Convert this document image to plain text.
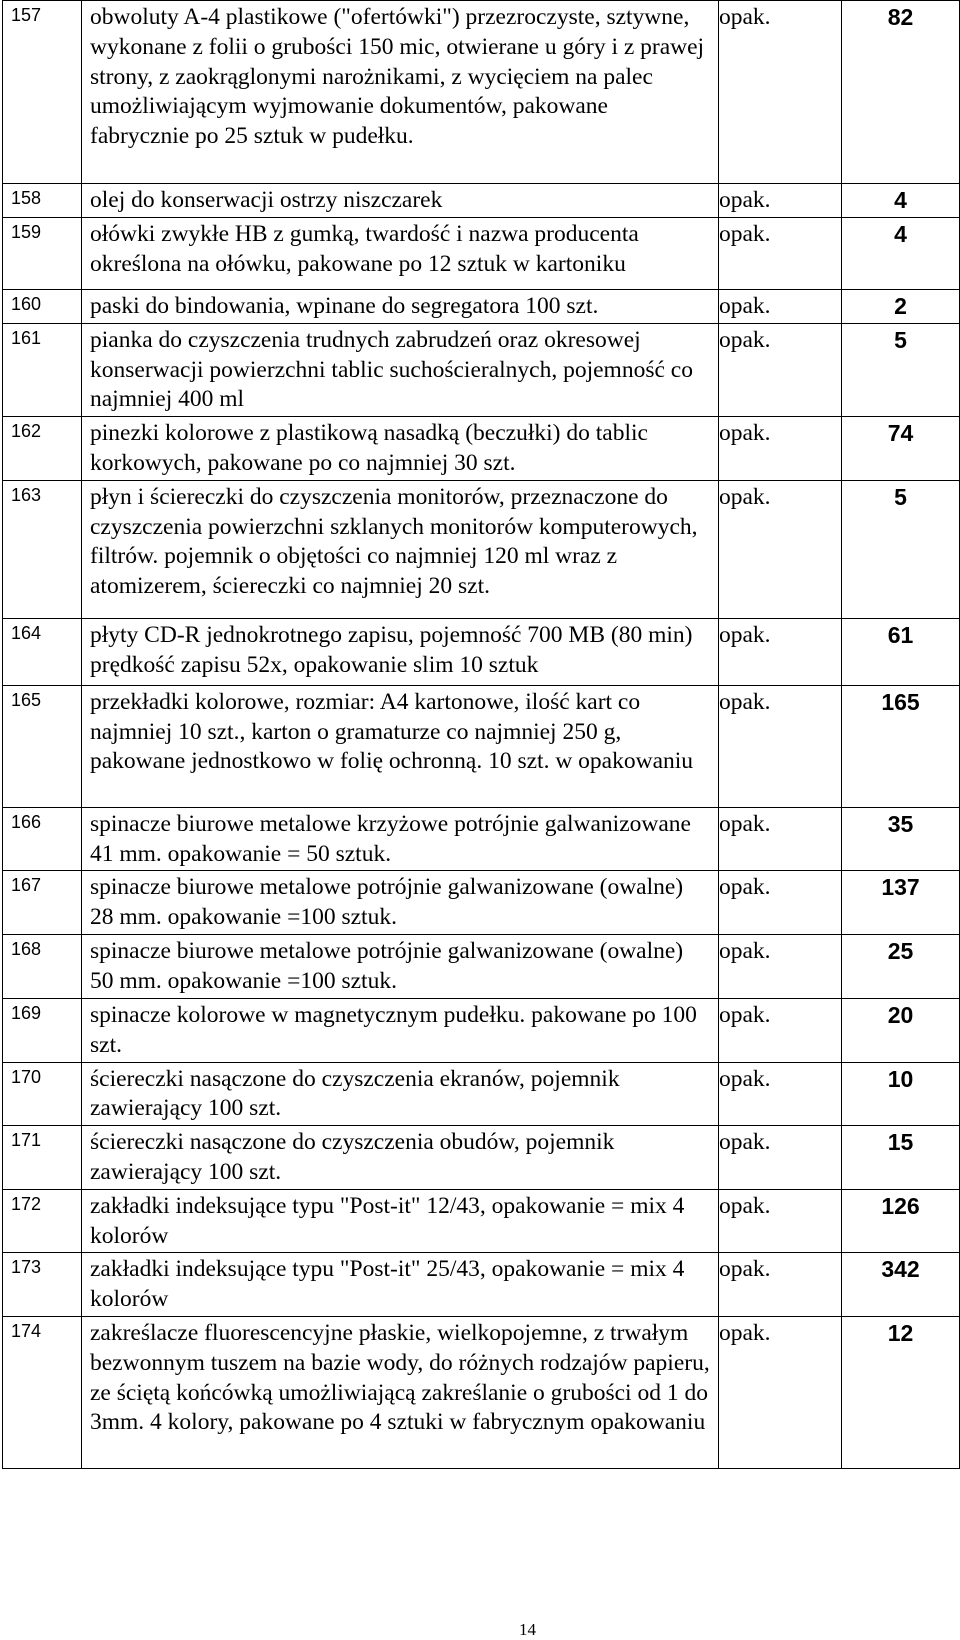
157	obwoluty A-4 plastikowe ("ofertówki") przezroczyste, sztywne, wykonane z folii o grubości 150 mic, otwierane u góry i z prawej strony, z zaokrąglonymi narożnikami, z wycięciem na palec umożliwiającym wyjmowanie dokumentów, pakowane fabrycznie po 25 sztuk w pudełku.	opak.	82
158	olej do konserwacji ostrzy niszczarek	opak.	4
159	ołówki zwykłe HB z gumką, twardość i nazwa producenta określona na ołówku, pakowane po 12 sztuk w kartoniku	opak.	4
160	paski do bindowania, wpinane do segregatora 100 szt.	opak.	2
161	pianka do czyszczenia trudnych zabrudzeń oraz okresowej konserwacji powierzchni tablic suchościeralnych, pojemność co najmniej 400 ml	opak.	5
162	pinezki kolorowe z plastikową nasadką (beczułki) do tablic korkowych, pakowane po co najmniej 30 szt.	opak.	74
163	płyn i ściereczki do czyszczenia monitorów, przeznaczone do czyszczenia powierzchni szklanych monitorów komputerowych, filtrów. pojemnik o objętości co najmniej 120 ml wraz z atomizerem, ściereczki co najmniej 20 szt.	opak.	5
164	płyty CD-R jednokrotnego zapisu, pojemność 700 MB (80 min) prędkość zapisu 52x, opakowanie slim 10 sztuk	opak.	61
165	przekładki kolorowe, rozmiar: A4 kartonowe, ilość kart co najmniej 10 szt., karton o gramaturze co najmniej 250 g, pakowane jednostkowo w folię ochronną. 10 szt. w opakowaniu	opak.	165
166	spinacze biurowe metalowe krzyżowe potrójnie galwanizowane 41 mm. opakowanie = 50 sztuk.	opak.	35
167	spinacze biurowe metalowe potrójnie galwanizowane (owalne) 28 mm. opakowanie =100 sztuk.	opak.	137
168	spinacze biurowe metalowe potrójnie galwanizowane (owalne) 50 mm. opakowanie =100 sztuk.	opak.	25
169	spinacze kolorowe w magnetycznym pudełku. pakowane po 100 szt.	opak.	20
170	ściereczki nasączone do czyszczenia ekranów, pojemnik zawierający 100 szt.	opak.	10
171	ściereczki nasączone do czyszczenia obudów, pojemnik zawierający 100 szt.	opak.	15
172	zakładki indeksujące typu "Post-it" 12/43, opakowanie = mix 4 kolorów	opak.	126
173	zakładki indeksujące typu "Post-it" 25/43, opakowanie = mix 4 kolorów	opak.	342
174	zakreślacze fluorescencyjne płaskie, wielkopojemne, z trwałym bezwonnym tuszem na bazie wody, do różnych rodzajów papieru, ze ściętą końcówką umożliwiającą zakreślanie o grubości od 1 do 3mm. 4 kolory, pakowane po 4 sztuki w fabrycznym opakowaniu	opak.	12
14
